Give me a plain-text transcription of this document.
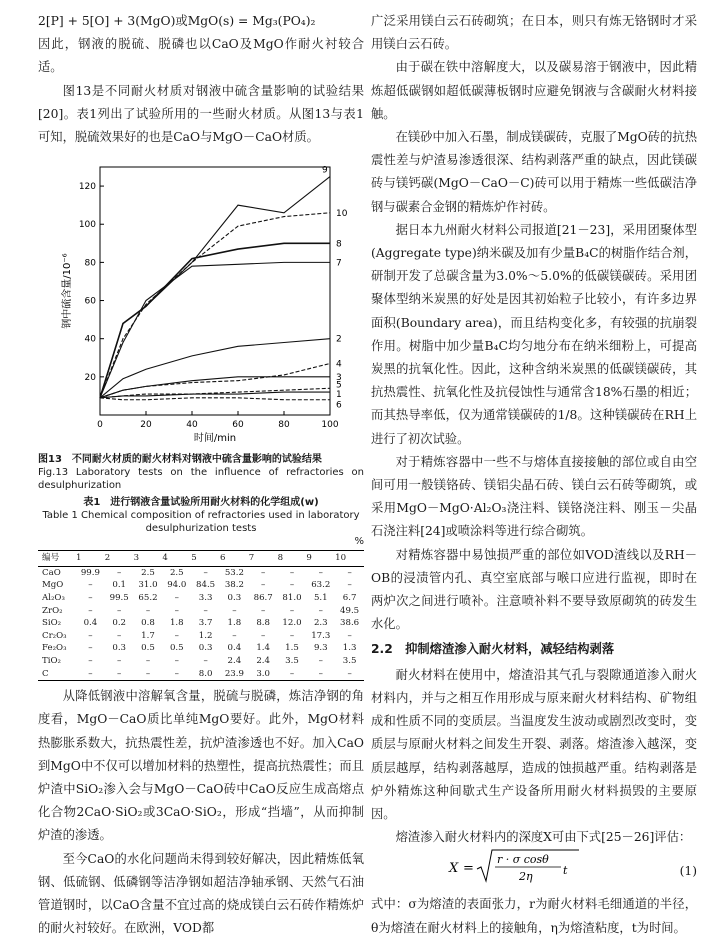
2[P] + 5[O] + 3(MgO)或MgO(s) = Mg₃(PO₄)₂

因此，钢液的脱硫、脱磷也以CaO及MgO作耐火衬较合适。

图13是不同耐火材质对钢液中硫含量影响的试验结果[20]。表1列出了试验所用的一些耐火材质。从图13与表1可知，脱硫效果好的也是CaO与MgO－CaO材质。

0	20	40	60	80	100
20
40
60
80
100
120
时间/min
钢中硫含量/10⁻⁶
1
2
3
4
5
6
7
8
9
10
图13　不同耐火材质的耐火材料对钢液中硫含量影响的试验结果
Fig.13 Laboratory tests on the influence of refractories on desulphurization
表1　进行钢液含量试验所用耐火材料的化学组成(w)
Table 1 Chemical composition of refractories used in laboratory desulphurization tests
%
编号	1	2	3	4	5	6	7	8	9	10
CaO	99.9	–	2.5	2.5	–	53.2	–	–	–	–
MgO	–	0.1	31.0	94.0	84.5	38.2	–	–	63.2	–
Al₂O₃	–	99.5	65.2	–	3.3	0.3	86.7	81.0	5.1	6.7
ZrO₂	–	–	–	–	–	–	–	–	–	49.5
SiO₂	0.4	0.2	0.8	1.8	3.7	1.8	8.8	12.0	2.3	38.6
Cr₂O₃	–	–	1.7	–	1.2	–	–	–	17.3	–
Fe₂O₃	–	0.3	0.5	0.5	0.3	0.4	1.4	1.5	9.3	1.3
TiO₂	–	–	–	–	–	2.4	2.4	3.5	–	3.5
C	–	–	–	–	8.0	23.9	3.0	–	–	–

从降低钢液中溶解氧含量，脱硫与脱磷，炼洁净钢的角度看，MgO－CaO质比单纯MgO要好。此外，MgO材料热膨胀系数大，抗热震性差，抗炉渣渗透也不好。加入CaO到MgO中不仅可以增加材料的热塑性，提高抗热震性；而且炉渣中SiO₂渗入会与MgO－CaO砖中CaO反应生成高熔点化合物2CaO·SiO₂或3CaO·SiO₂，形成“挡墙”，从而抑制炉渣的渗透。

至今CaO的水化问题尚未得到较好解决，因此精炼低氧钢、低硫钢、低磷钢等洁净钢如超洁净轴承钢、天然气石油管道钢时，以CaO含量不宜过高的烧成镁白云石砖作精炼炉的耐火衬较好。在欧洲，VOD都

广泛采用镁白云石砖砌筑；在日本，则只有炼无铬钢时才采用镁白云石砖。

由于碳在铁中溶解度大，以及碳易溶于钢液中，因此精炼超低碳钢如超低碳薄板钢时应避免钢液与含碳耐火材料接触。

在镁砂中加入石墨，制成镁碳砖，克服了MgO砖的抗热震性差与炉渣易渗透很深、结构剥落严重的缺点，因此镁碳砖与镁钙碳(MgO－CaO－C)砖可以用于精炼一些低碳洁净钢与碳素合金钢的精炼炉作衬砖。

据日本九州耐火材料公司报道[21－23]，采用团聚体型(Aggregate type)纳米碳及加有少量B₄C的树脂作结合剂，研制开发了总碳含量为3.0%～5.0%的低碳镁碳砖。采用团聚体型纳米炭黑的好处是因其初始粒子比较小，有许多边界面积(Boundary area)，而且结构变化多，有较强的抗崩裂作用。树脂中加少量B₄C均匀地分布在纳米细粉上，可提高炭黑的抗氧化性。因此，这种含纳米炭黑的低碳镁碳砖，其抗热震性、抗氧化性及抗侵蚀性与通常含18%石墨的相近；而其热导率低，仅为通常镁碳砖的1/8。这种镁碳砖在RH上进行了初次试验。

对于精炼容器中一些不与熔体直接接触的部位或自由空间可用一般镁铬砖、镁铝尖晶石砖、镁白云石砖等砌筑，或采用MgO－MgO·Al₂O₃浇注料、镁铬浇注料、刚玉－尖晶石浇注料[24]或喷涂料等进行综合砌筑。

对精炼容器中易蚀损严重的部位如VOD渣线以及RH－OB的浸渍管内孔、真空室底部与喉口应进行监视，即时在两炉次之间进行喷补。注意喷补料不要导致原砌筑的砖发生水化。

2.2　抑制熔渣渗入耐火材料，减轻结构剥落

耐火材料在使用中，熔渣沿其气孔与裂隙通道渗入耐火材料内，并与之相互作用形成与原来耐火材料结构、矿物组成和性质不同的变质层。当温度发生波动或剧烈改变时，变质层与原耐火材料之间发生开裂、剥落。熔渣渗入越深，变质层越厚，结构剥落越厚，造成的蚀损越严重。结构剥落是炉外精炼这种间歇式生产设备所用耐火材料损毁的主要原因。

熔渣渗入耐火材料内的深度X可由下式[25－26]评估：

X =
r · σ cosθ
2η	t	(1)

式中：σ为熔渣的表面张力，r为耐火材料毛细通道的半径，θ为熔渣在耐火材料上的接触角，η为熔渣粘度，t为时间。
